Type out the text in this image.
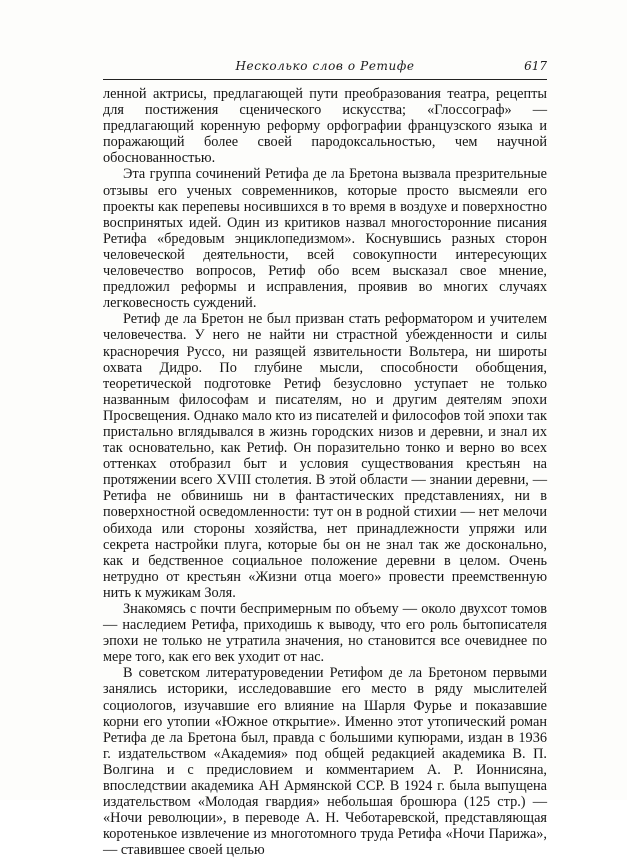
Несколько слов о Ретифе	617

ленной актрисы, предлагающей пути преобразования театра, рецепты для постижения сценического искусства; «Глоссограф» — предлагающий коренную реформу орфографии французского языка и поражающий более своей пародоксальностью, чем научной обоснованностью.

Эта группа сочинений Ретифа де ла Бретона вызвала презрительные отзывы его ученых современников, которые просто высмеяли его проекты как перепевы носившихся в то время в воздухе и поверхностно воспринятых идей. Один из критиков назвал многосторонние писания Ретифа «бредовым энциклопедизмом». Коснувшись разных сторон человеческой деятельности, всей совокупности интересующих человечество вопросов, Ретиф обо всем высказал свое мнение, предложил реформы и исправления, проявив во многих случаях легковесность суждений.

Ретиф де ла Бретон не был призван стать реформатором и учителем человечества. У него не найти ни страстной убежденности и силы красноречия Руссо, ни разящей язвительности Вольтера, ни широты охвата Дидро. По глубине мысли, способности обобщения, теоретической подготовке Ретиф безусловно уступает не только названным философам и писателям, но и другим деятелям эпохи Просвещения. Однако мало кто из писателей и философов той эпохи так пристально вглядывался в жизнь городских низов и деревни, и знал их так основательно, как Ретиф. Он поразительно тонко и верно во всех оттенках отобразил быт и условия существования крестьян на протяжении всего XVIII столетия. В этой области — знании деревни, — Ретифа не обвинишь ни в фантастических представлениях, ни в поверхностной осведомленности: тут он в родной стихии — нет мелочи обихода или стороны хозяйства, нет принадлежности упряжи или секрета настройки плуга, которые бы он не знал так же досконально, как и бедственное социальное положение деревни в целом. Очень нетрудно от крестьян «Жизни отца моего» провести преемственную нить к мужикам Золя.

Знакомясь с почти беспримерным по объему — около двухсот томов — наследием Ретифа, приходишь к выводу, что его роль бытописателя эпохи не только не утратила значения, но становится все очевиднее по мере того, как его век уходит от нас.

В советском литературоведении Ретифом де ла Бретоном первыми занялись историки, исследовавшие его место в ряду мыслителей социологов, изучавшие его влияние на Шарля Фурье и показавшие корни его утопии «Южное открытие». Именно этот утопический роман Ретифа де ла Бретона был, правда с большими купюрами, издан в 1936 г. издательством «Академия» под общей редакцией академика В. П. Волгина и с предисловием и комментарием А. Р. Ионнисяна, впоследствии академика АН Армянской ССР. В 1924 г. была выпущена издательством «Молодая гвардия» небольшая брошюра (125 стр.) — «Ночи революции», в переводе А. Н. Чеботаревской, представляющая коротенькое извлечение из многотомного труда Ретифа «Ночи Парижа», — ставившее своей целью
